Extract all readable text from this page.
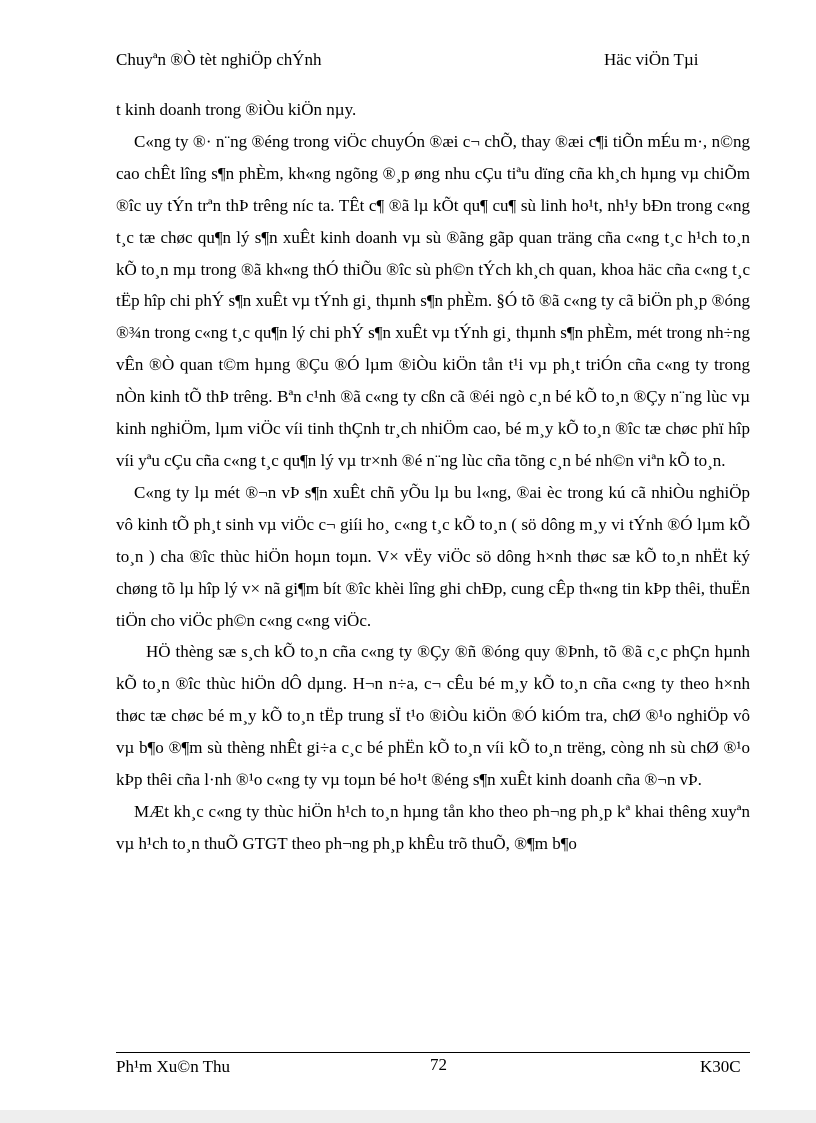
Chuyªn ®Ò tèt nghiÖp chÝnh	Häc viÖn Tµi

t kinh doanh trong ®iÒu kiÖn nµy.

C«ng ty ®· n¨ng ®éng trong viÖc chuyÓn ®æi c¬ chÕ, thay ®æi c¶i tiÕn mÉu m·, n©ng cao chÊt lîng s¶n phÈm, kh«ng ngõng ®¸p øng nhu cÇu tiªu dïng cña kh¸ch hµng vµ chiÕm ®îc uy tÝn trªn thÞ trêng níc ta. TÊt c¶ ®ã lµ kÕt qu¶ cu¶ sù linh ho¹t, nh¹y bÐn trong c«ng t¸c tæ chøc qu¶n lý s¶n xuÊt kinh doanh vµ sù ®ãng gãp quan träng cña c«ng t¸c h¹ch to¸n kÕ to¸n mµ trong ®ã kh«ng thÓ thiÕu ®îc sù ph©n tÝch kh¸ch quan, khoa häc cña c«ng t¸c tËp hîp chi phÝ s¶n xuÊt vµ tÝnh gi¸ thµnh s¶n phÈm. §Ó tõ ®ã c«ng ty cã biÖn ph¸p ®óng ®¾n trong c«ng t¸c qu¶n lý chi phÝ s¶n xuÊt vµ tÝnh gi¸ thµnh s¶n phÈm, mét trong nh÷ng vÊn ®Ò quan t©m hµng ®Çu ®Ó lµm ®iÒu kiÖn tån t¹i vµ ph¸t triÓn cña c«ng ty trong nÒn kinh tÕ thÞ trêng. Bªn c¹nh ®ã c«ng ty cßn cã ®éi ngò c¸n bé kÕ to¸n ®Çy n¨ng lùc vµ kinh nghiÖm, lµm viÖc víi tinh thÇnh tr¸ch nhiÖm cao, bé m¸y kÕ to¸n ®îc tæ chøc phï hîp víi yªu cÇu cña c«ng t¸c qu¶n lý vµ tr×nh ®é n¨ng lùc cña tõng c¸n bé nh©n viªn kÕ to¸n.

C«ng ty lµ mét ®¬n vÞ s¶n xuÊt chñ yÕu lµ bu l«ng, ®ai èc trong kú cã nhiÒu nghiÖp vô kinh tÕ ph¸t sinh vµ viÖc c¬ giíi ho¸ c«ng t¸c kÕ to¸n ( sö dông m¸y vi tÝnh ®Ó lµm kÕ to¸n ) cha ®îc thùc hiÖn hoµn toµn. V× vËy viÖc sö dông h×nh thøc sæ kÕ to¸n nhËt ký chøng tõ lµ hîp lý v× nã gi¶m bít ®îc khèi lîng ghi chÐp, cung cÊp th«ng tin kÞp thêi, thuËn tiÖn cho viÖc ph©n c«ng c«ng viÖc.

HÖ thèng sæ s¸ch kÕ to¸n cña c«ng ty ®Çy ®ñ ®óng quy ®Þnh, tõ ®ã c¸c phÇn hµnh kÕ to¸n ®îc thùc hiÖn dÔ dµng. H¬n n÷a, c¬ cÊu bé m¸y kÕ to¸n cña c«ng ty theo h×nh thøc tæ chøc bé m¸y kÕ to¸n tËp trung sÏ t¹o ®iÒu kiÖn ®Ó kiÓm tra, chØ ®¹o nghiÖp vô vµ b¶o ®¶m sù thèng nhÊt gi÷a c¸c bé phËn kÕ to¸n víi kÕ to¸n trëng, còng nh sù chØ ®¹o kÞp thêi cña l·nh ®¹o c«ng ty vµ toµn bé ho¹t ®éng s¶n xuÊt kinh doanh cña ®¬n vÞ.

MÆt kh¸c c«ng ty thùc hiÖn h¹ch to¸n hµng tån kho theo ph¬ng ph¸p kª khai thêng xuyªn vµ h¹ch to¸n thuÕ GTGT theo ph¬ng ph¸p khÊu trõ thuÕ, ®¶m b¶o

Ph¹m Xu©n Thu	72	K30C
